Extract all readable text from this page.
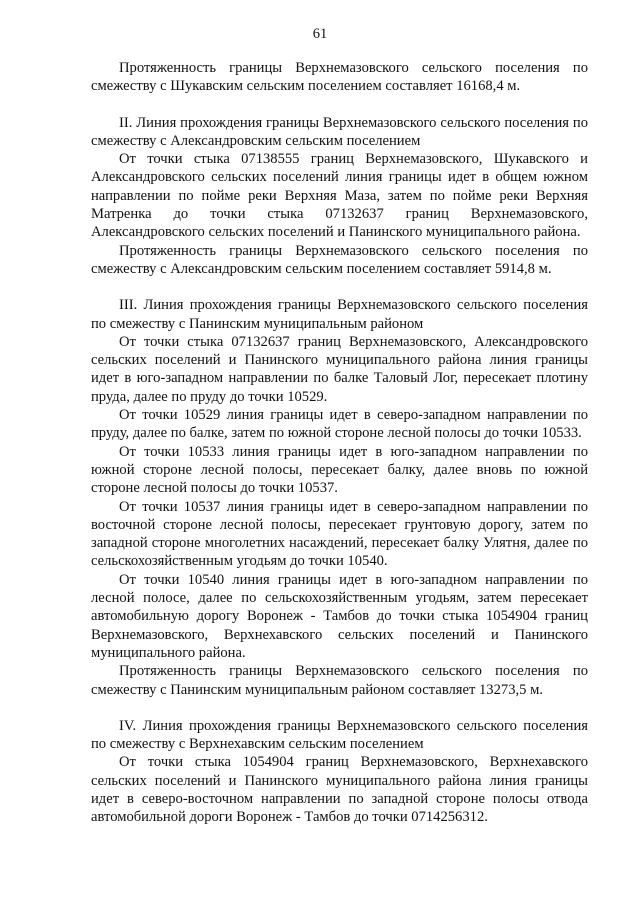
61

Протяженность границы Верхнемазовского сельского поселения по смежеству с Шукавским сельским поселением составляет 16168,4 м.

II. Линия прохождения границы Верхнемазовского сельского поселения по смежеству с Александровским сельским поселением

От точки стыка 07138555 границ Верхнемазовского, Шукавского и Александровского сельских поселений линия границы идет в общем южном направлении по пойме реки Верхняя Маза, затем по пойме реки Верхняя Матренка до точки стыка 07132637 границ Верхнемазовского, Александровского сельских поселений и Панинского муниципального района.

Протяженность границы Верхнемазовского сельского поселения по смежеству с Александровским сельским поселением составляет 5914,8 м.

III. Линия прохождения границы Верхнемазовского сельского поселения по смежеству с Панинским муниципальным районом

От точки стыка 07132637 границ Верхнемазовского, Александровского сельских поселений и Панинского муниципального района линия границы идет в юго-западном направлении по балке Таловый Лог, пересекает плотину пруда, далее по пруду до точки 10529.

От точки 10529 линия границы идет в северо-западном направлении по пруду, далее по балке, затем по южной стороне лесной полосы до точки 10533.

От точки 10533 линия границы идет в юго-западном направлении по южной стороне лесной полосы, пересекает балку, далее вновь по южной стороне лесной полосы до точки 10537.

От точки 10537 линия границы идет в северо-западном направлении по восточной стороне лесной полосы, пересекает грунтовую дорогу, затем по западной стороне многолетних насаждений, пересекает балку Улятня, далее по сельскохозяйственным угодьям до точки 10540.

От точки 10540 линия границы идет в юго-западном направлении по лесной полосе, далее по сельскохозяйственным угодьям, затем пересекает автомобильную дорогу Воронеж - Тамбов до точки стыка 1054904 границ Верхнемазовского, Верхнехавского сельских поселений и Панинского муниципального района.

Протяженность границы Верхнемазовского сельского поселения по смежеству с Панинским муниципальным районом составляет 13273,5 м.

IV. Линия прохождения границы Верхнемазовского сельского поселения по смежеству с Верхнехавским сельским поселением

От точки стыка 1054904 границ Верхнемазовского, Верхнехавского сельских поселений и Панинского муниципального района линия границы идет в северо-восточном направлении по западной стороне полосы отвода автомобильной дороги Воронеж - Тамбов до точки 0714256312.
